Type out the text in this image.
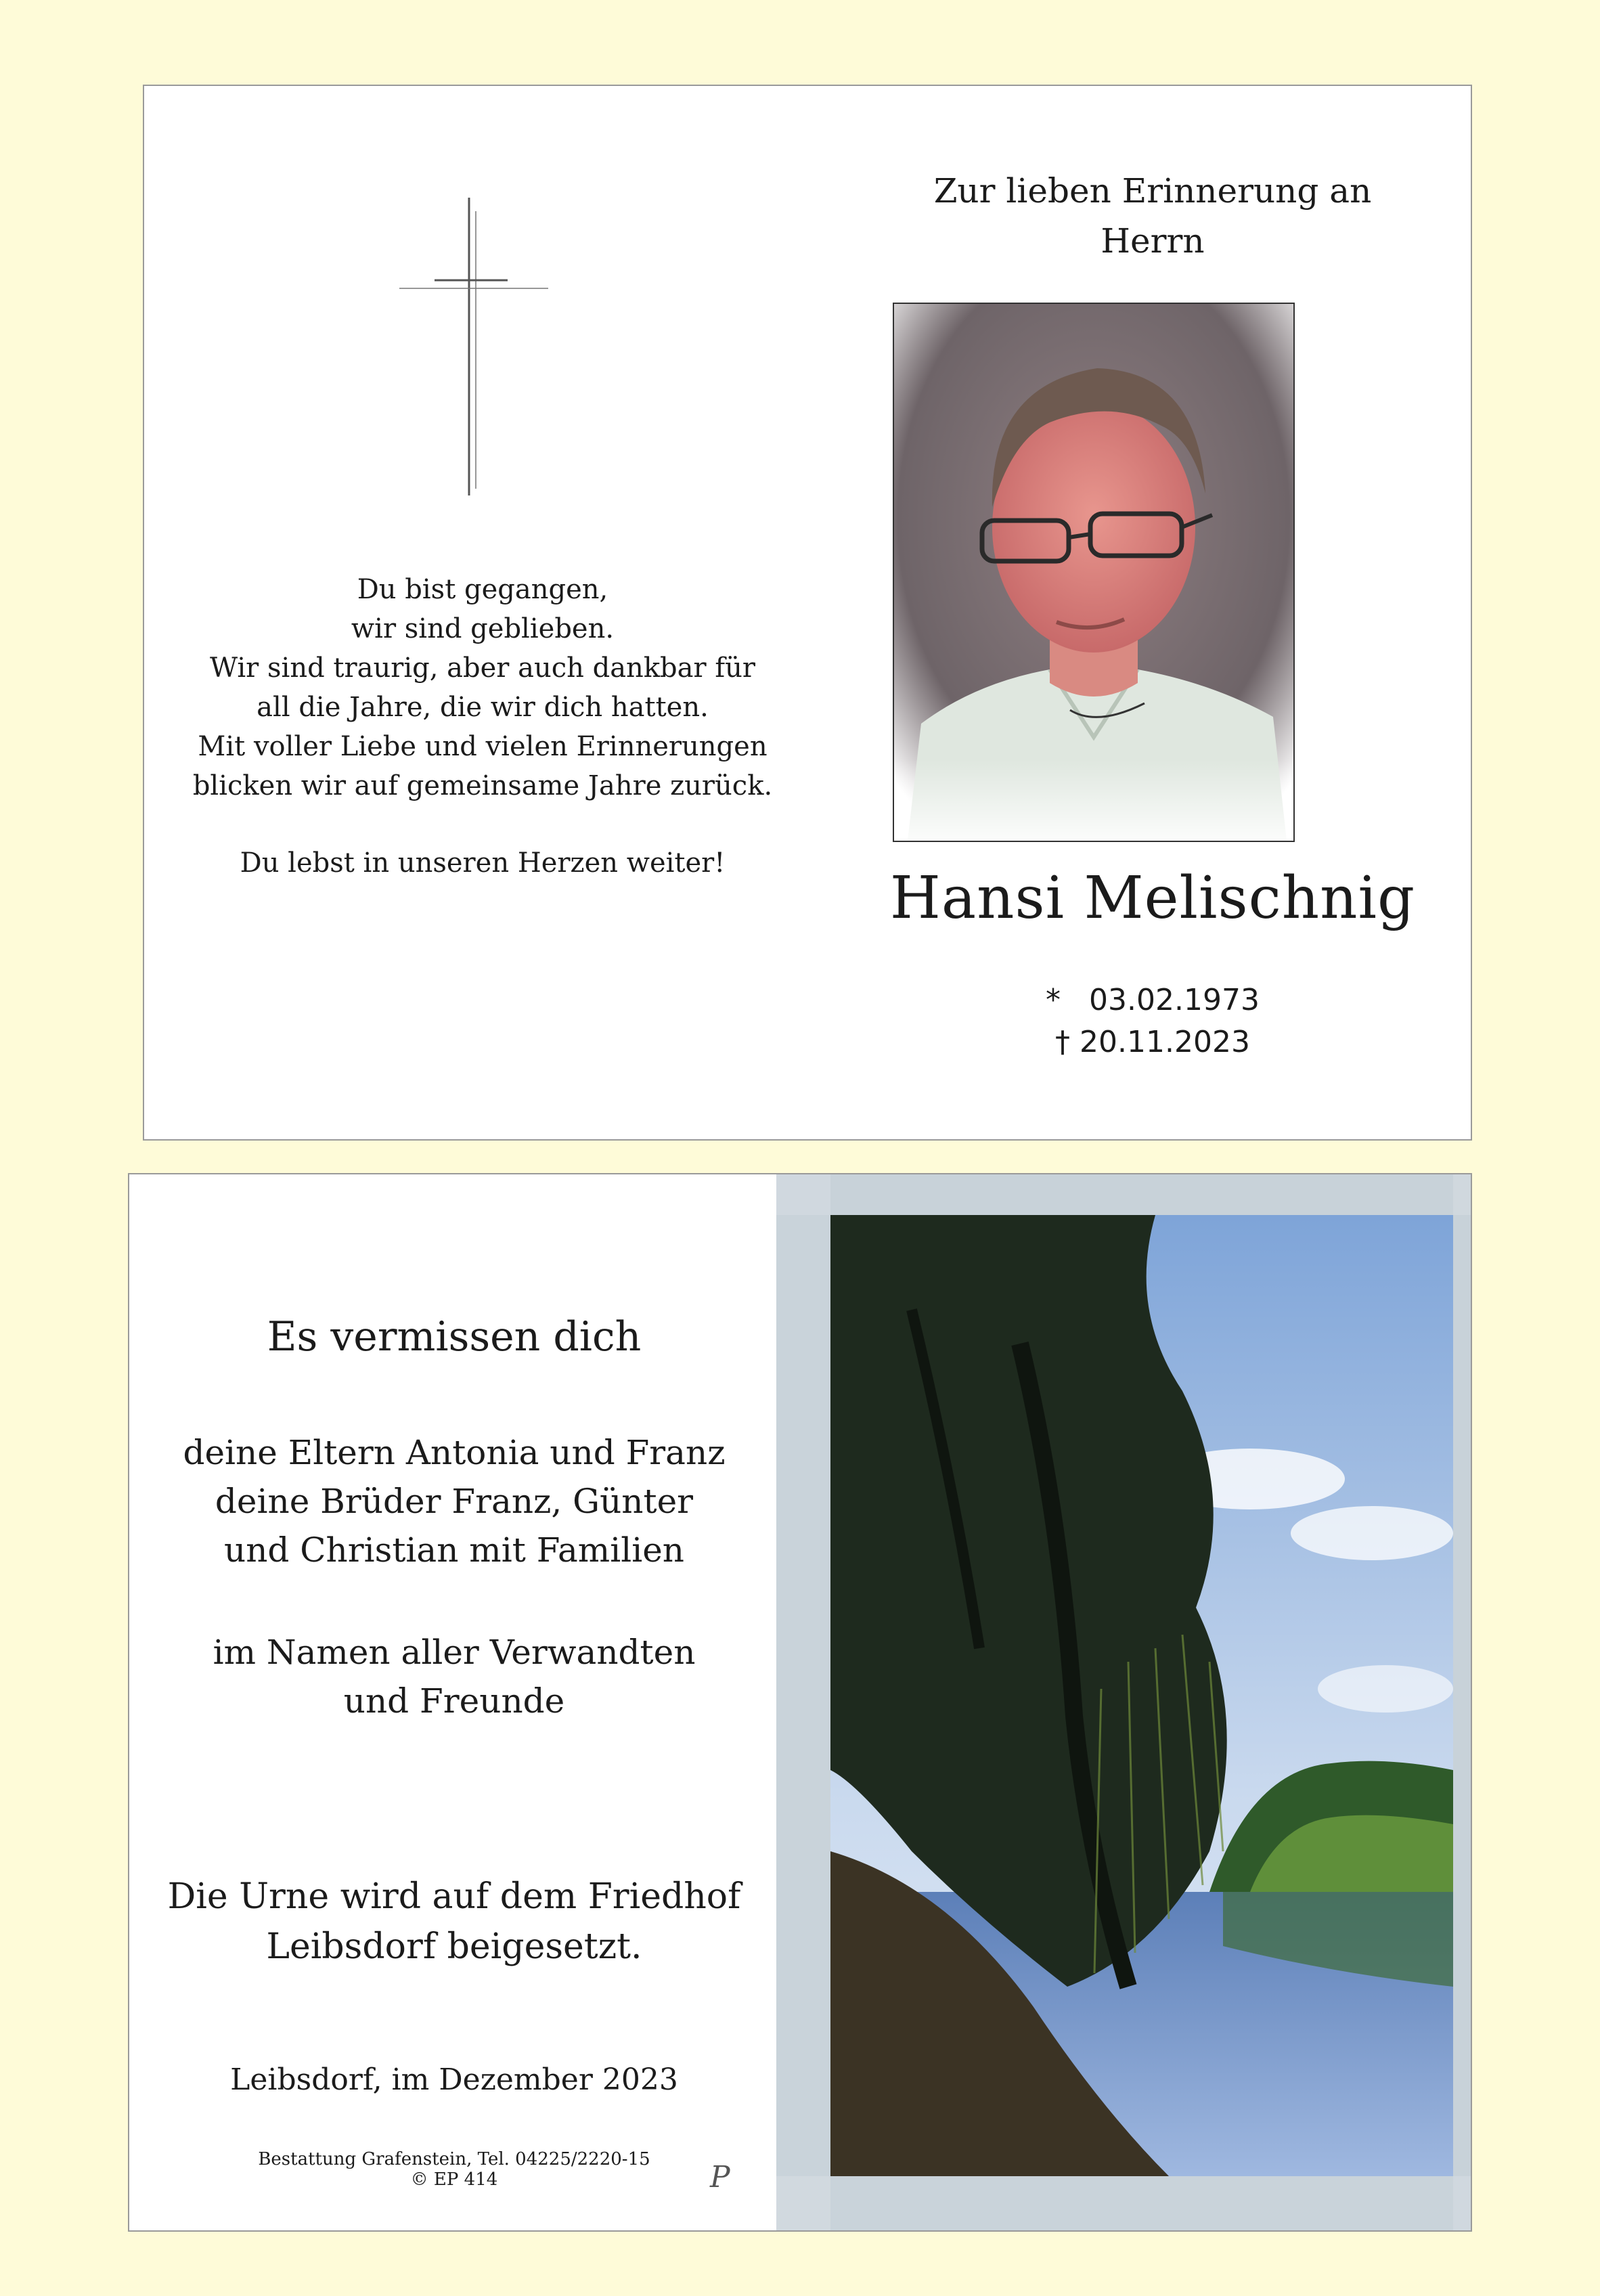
Du bist gegangen,

wir sind geblieben.

Wir sind traurig, aber auch dankbar für

all die Jahre, die wir dich hatten.

Mit voller Liebe und vielen Erinnerungen

blicken wir auf gemeinsame Jahre zurück.

Du lebst in unseren Herzen weiter!

Zur lieben Erinnerung an
Herrn
Hansi Melischnig
*   03.02.1973
† 20.11.2023
Es vermissen dich
deine Eltern Antonia und Franz
deine Brüder Franz, Günter
und Christian mit Familien
im Namen aller Verwandten
und Freunde
Die Urne wird auf dem Friedhof
Leibsdorf beigesetzt.
Leibsdorf, im Dezember 2023
Bestattung Grafenstein, Tel. 04225/2220-15
© EP 414	P
